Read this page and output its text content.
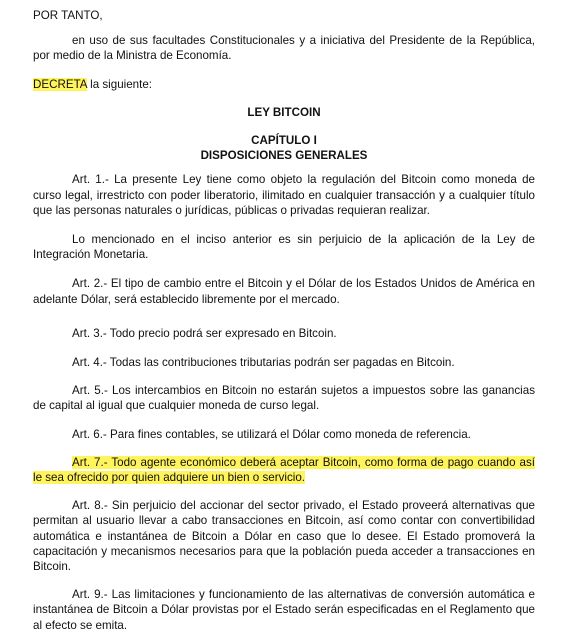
POR TANTO,

en uso de sus facultades Constitucionales y a iniciativa del Presidente de la República, por medio de la Ministra de Economía.

DECRETA la siguiente:

LEY BITCOIN

CAPÍTULO I

DISPOSICIONES GENERALES

Art. 1.- La presente Ley tiene como objeto la regulación del Bitcoin como moneda de curso legal, irrestricto con poder liberatorio, ilimitado en cualquier transacción y a cualquier título que las personas naturales o jurídicas, públicas o privadas requieran realizar.

Lo mencionado en el inciso anterior es sin perjuicio de la aplicación de la Ley de Integración Monetaria.

Art. 2.- El tipo de cambio entre el Bitcoin y el Dólar de los Estados Unidos de América en adelante Dólar, será establecido libremente por el mercado.

Art. 3.- Todo precio podrá ser expresado en Bitcoin.

Art. 4.- Todas las contribuciones tributarias podrán ser pagadas en Bitcoin.

Art. 5.- Los intercambios en Bitcoin no estarán sujetos a impuestos sobre las ganancias de capital al igual que cualquier moneda de curso legal.

Art. 6.- Para fines contables, se utilizará el Dólar como moneda de referencia.

Art. 7.- Todo agente económico deberá aceptar Bitcoin, como forma de pago cuando así le sea ofrecido por quien adquiere un bien o servicio.

Art. 8.- Sin perjuicio del accionar del sector privado, el Estado proveerá alternativas que permitan al usuario llevar a cabo transacciones en Bitcoin, así como contar con convertibilidad automática e instantánea de Bitcoin a Dólar en caso que lo desee. El Estado promoverá la capacitación y mecanismos necesarios para que la población pueda acceder a transacciones en Bitcoin.

Art. 9.- Las limitaciones y funcionamiento de las alternativas de conversión automática e instantánea de Bitcoin a Dólar provistas por el Estado serán especificadas en el Reglamento que al efecto se emita.
